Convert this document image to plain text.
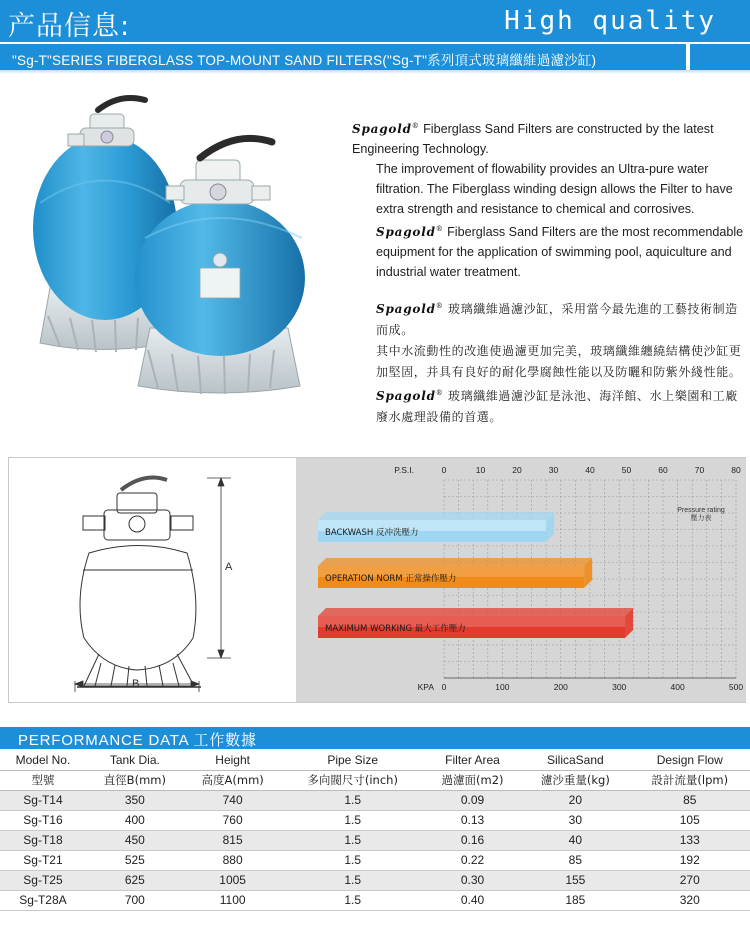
产品信息:	High quality
"Sg-T"SERIES FIBERGLASS TOP-MOUNT SAND FILTERS("Sg-T"系列頂式玻璃纖維過濾沙缸)

Spagold® Fiberglass Sand Filters are constructed by the latest Engineering Technology.

The improvement of flowability provides an Ultra-pure water filtration. The Fiberglass winding design allows the Filter to have extra strength and resistance to chemical and corrosives.

Spagold® Fiberglass Sand Filters are the most recommendable equipment for the application of swimming pool, aquiculture and industrial water treatment.

Spagold® 玻璃纖維過濾沙缸，采用當今最先進的工藝技術制造而成。

其中水流動性的改進使過濾更加完美，玻璃纖維纏繞結構使沙缸更加堅固，并具有良好的耐化學腐蝕性能以及防曬和防紫外綫性能。

Spagold® 玻璃纖維過濾沙缸是泳池、海洋館、水上樂園和工廠廢水處理設備的首選。

A
B
P.S.I.	0	10	20	30	40	50	60	70	80
KPA 0	100	200	300	400	500
Pressure rating
壓力表
BACKWASH 反冲洗壓力
OPERATION NORM 正常操作壓力
MAXIMUM WORKING 最大工作壓力
PERFORMANCE DATA 工作數據
Model No.	Tank Dia.	Height	Pipe Size	Filter Area	SilicaSand	Design Flow
型號	直徑B(mm)	高度A(mm)	多向閥尺寸(inch)	過濾面(m2)	濾沙重量(kg)	設計流量(lpm)
Sg-T14	350	740	1.5	0.09	20	85
Sg-T16	400	760	1.5	0.13	30	105
Sg-T18	450	815	1.5	0.16	40	133
Sg-T21	525	880	1.5	0.22	85	192
Sg-T25	625	1005	1.5	0.30	155	270
Sg-T28A	700	1100	1.5	0.40	185	320
